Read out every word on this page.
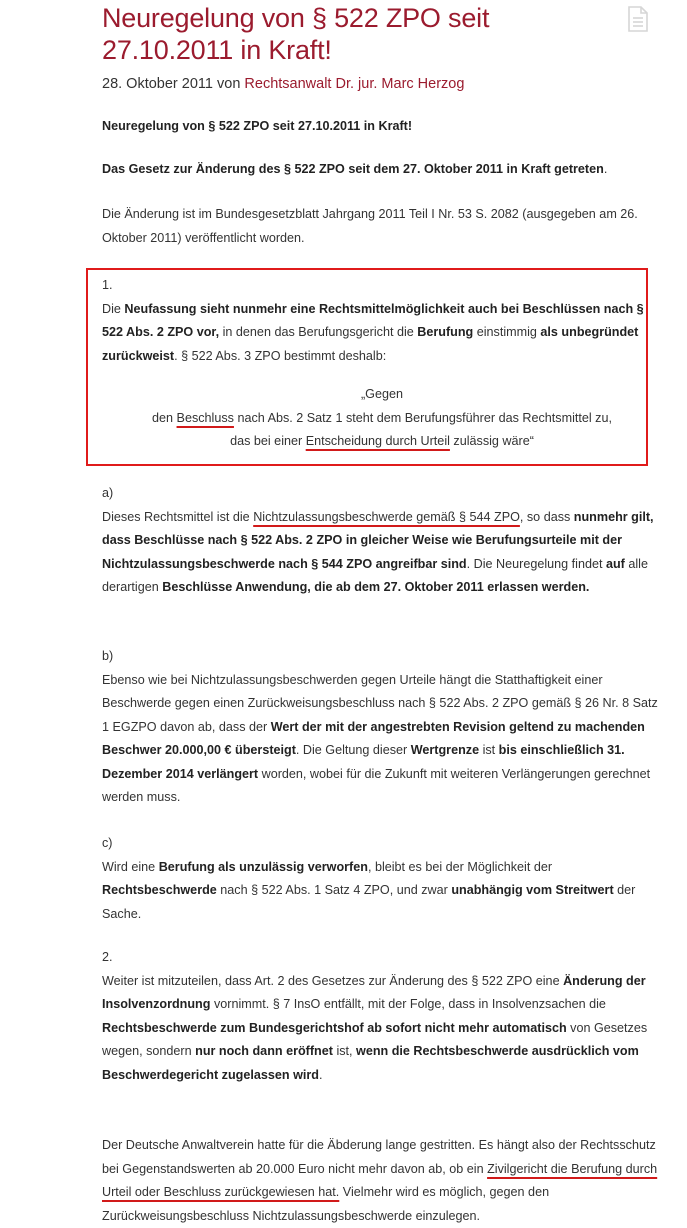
Neuregelung von § 522 ZPO seit 27.10.2011 in Kraft!
28. Oktober 2011 von Rechtsanwalt Dr. jur. Marc Herzog

Neuregelung von § 522 ZPO seit 27.10.2011 in Kraft!

Das Gesetz zur Änderung des § 522 ZPO seit dem 27. Oktober 2011 in Kraft getreten.

Die Änderung ist im Bundesgesetzblatt Jahrgang 2011 Teil I Nr. 53 S. 2082 (ausgegeben am 26. Oktober 2011) veröffentlicht worden.

1.
Die Neufassung sieht nunmehr eine Rechtsmittelmöglichkeit auch bei Beschlüssen nach § 522 Abs. 2 ZPO vor, in denen das Berufungsgericht die Berufung einstimmig als unbegründet zurückweist. § 522 Abs. 3 ZPO bestimmt deshalb:
„Gegen
den Beschluss nach Abs. 2 Satz 1 steht dem Berufungsführer das Rechtsmittel zu,
das bei einer Entscheidung durch Urteil zulässig wäre“
a)
Dieses Rechtsmittel ist die Nichtzulassungsbeschwerde gemäß § 544 ZPO, so dass nunmehr gilt, dass Beschlüsse nach § 522 Abs. 2 ZPO in gleicher Weise wie Berufungsurteile mit der Nichtzulassungsbeschwerde nach § 544 ZPO angreifbar sind. Die Neuregelung findet auf alle derartigen Beschlüsse Anwendung, die ab dem 27. Oktober 2011 erlassen werden.
b)
Ebenso wie bei Nichtzulassungsbeschwerden gegen Urteile hängt die Statthaftigkeit einer Beschwerde gegen einen Zurückweisungsbeschluss nach § 522 Abs. 2 ZPO gemäß § 26 Nr. 8 Satz 1 EGZPO davon ab, dass der Wert der mit der angestrebten Revision geltend zu machenden Beschwer 20.000,00 € übersteigt. Die Geltung dieser Wertgrenze ist bis einschließlich 31. Dezember 2014 verlängert worden, wobei für die Zukunft mit weiteren Verlängerungen gerechnet werden muss.
c)
Wird eine Berufung als unzulässig verworfen, bleibt es bei der Möglichkeit der Rechtsbeschwerde nach § 522 Abs. 1 Satz 4 ZPO, und zwar unabhängig vom Streitwert der Sache.
2.
Weiter ist mitzuteilen, dass Art. 2 des Gesetzes zur Änderung des § 522 ZPO eine Änderung der Insolvenzordnung vornimmt. § 7 InsO entfällt, mit der Folge, dass in Insolvenzsachen die Rechtsbeschwerde zum Bundesgerichtshof ab sofort nicht mehr automatisch von Gesetzes wegen, sondern nur noch dann eröffnet ist, wenn die Rechtsbeschwerde ausdrücklich vom Beschwerdegericht zugelassen wird.

Der Deutsche Anwaltverein hatte für die Äbderung lange gestritten. Es hängt also der Rechtsschutz bei Gegenstandswerten ab 20.000 Euro nicht mehr davon ab, ob ein Zivilgericht die Berufung durch Urteil oder Beschluss zurückgewiesen hat. Vielmehr wird es möglich, gegen den Zurückweisungsbeschluss Nichtzulassungsbeschwerde einzulegen.
